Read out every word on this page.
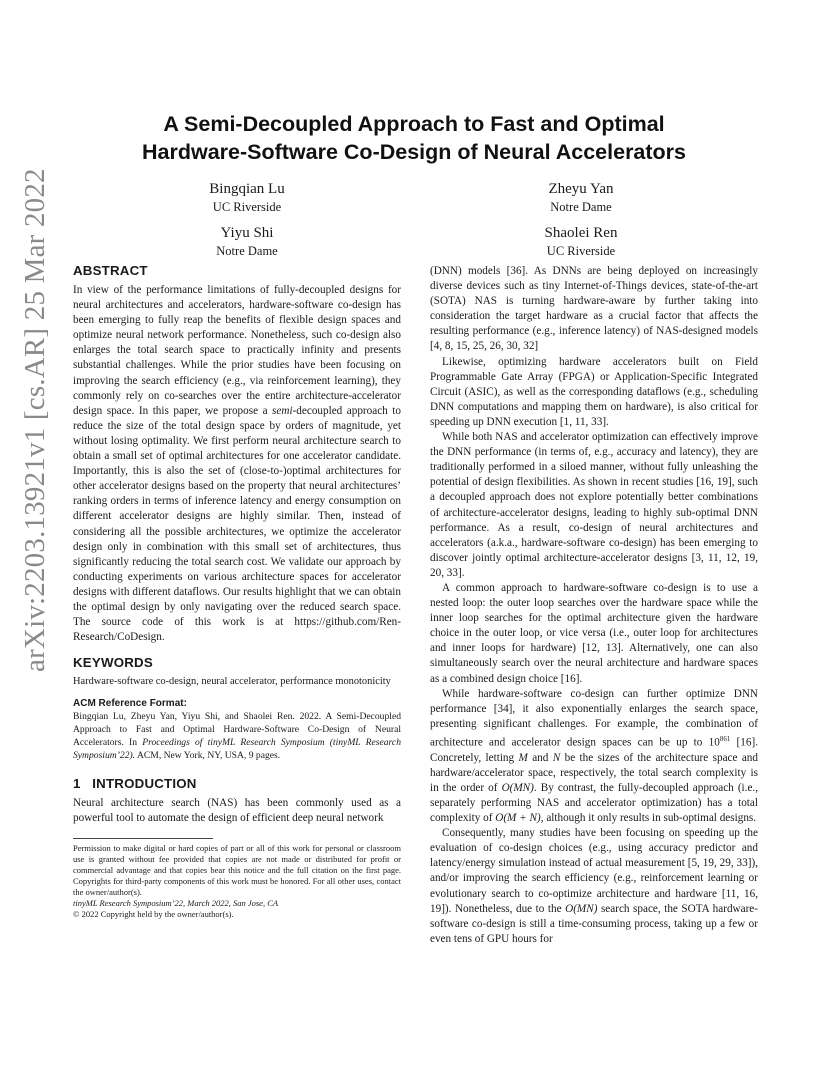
arXiv:2203.13921v1 [cs.AR] 25 Mar 2022
A Semi-Decoupled Approach to Fast and Optimal
Hardware-Software Co-Design of Neural Accelerators
Bingqian Lu
UC Riverside
Zheyu Yan
Notre Dame
Yiyu Shi
Notre Dame
Shaolei Ren
UC Riverside
ABSTRACT

In view of the performance limitations of fully-decoupled designs for neural architectures and accelerators, hardware-software co-design has been emerging to fully reap the benefits of flexible design spaces and optimize neural network performance. Nonetheless, such co-design also enlarges the total search space to practically infinity and presents substantial challenges. While the prior studies have been focusing on improving the search efficiency (e.g., via reinforcement learning), they commonly rely on co-searches over the entire architecture-accelerator design space. In this paper, we propose a semi-decoupled approach to reduce the size of the total design space by orders of magnitude, yet without losing optimality. We first perform neural architecture search to obtain a small set of optimal architectures for one accelerator candidate. Importantly, this is also the set of (close-to-)optimal architectures for other accelerator designs based on the property that neural architectures’ ranking orders in terms of inference latency and energy consumption on different accelerator designs are highly similar. Then, instead of considering all the possible architectures, we optimize the accelerator design only in combination with this small set of architectures, thus significantly reducing the total search cost. We validate our approach by conducting experiments on various architecture spaces for accelerator designs with different dataflows. Our results highlight that we can obtain the optimal design by only navigating over the reduced search space. The source code of this work is at https://github.com/Ren-Research/CoDesign.

KEYWORDS

Hardware-software co-design, neural accelerator, performance monotonicity

ACM Reference Format:

Bingqian Lu, Zheyu Yan, Yiyu Shi, and Shaolei Ren. 2022. A Semi-Decoupled Approach to Fast and Optimal Hardware-Software Co-Design of Neural Accelerators. In Proceedings of tinyML Research Symposium (tinyML Research Symposium’22). ACM, New York, NY, USA, 9 pages.

1   INTRODUCTION

Neural architecture search (NAS) has been commonly used as a powerful tool to automate the design of efficient deep neural network

Permission to make digital or hard copies of part or all of this work for personal or classroom use is granted without fee provided that copies are not made or distributed for profit or commercial advantage and that copies bear this notice and the full citation on the first page. Copyrights for third-party components of this work must be honored. For all other uses, contact the owner/author(s).
tinyML Research Symposium’22, March 2022, San Jose, CA
© 2022 Copyright held by the owner/author(s).

(DNN) models [36]. As DNNs are being deployed on increasingly diverse devices such as tiny Internet-of-Things devices, state-of-the-art (SOTA) NAS is turning hardware-aware by further taking into consideration the target hardware as a crucial factor that affects the resulting performance (e.g., inference latency) of NAS-designed models [4, 8, 15, 25, 26, 30, 32]

Likewise, optimizing hardware accelerators built on Field Programmable Gate Array (FPGA) or Application-Specific Integrated Circuit (ASIC), as well as the corresponding dataflows (e.g., scheduling DNN computations and mapping them on hardware), is also critical for speeding up DNN execution [1, 11, 33].

While both NAS and accelerator optimization can effectively improve the DNN performance (in terms of, e.g., accuracy and latency), they are traditionally performed in a siloed manner, without fully unleashing the potential of design flexibilities. As shown in recent studies [16, 19], such a decoupled approach does not explore potentially better combinations of architecture-accelerator designs, leading to highly sub-optimal DNN performance. As a result, co-design of neural architectures and accelerators (a.k.a., hardware-software co-design) has been emerging to discover jointly optimal architecture-accelerator designs [3, 11, 12, 19, 20, 33].

A common approach to hardware-software co-design is to use a nested loop: the outer loop searches over the hardware space while the inner loop searches for the optimal architecture given the hardware choice in the outer loop, or vice versa (i.e., outer loop for architectures and inner loops for hardware) [12, 13]. Alternatively, one can also simultaneously search over the neural architecture and hardware spaces as a combined design choice [16].

While hardware-software co-design can further optimize DNN performance [34], it also exponentially enlarges the search space, presenting significant challenges. For example, the combination of architecture and accelerator design spaces can be up to $10^{861}$ [16]. Concretely, letting M and N be the sizes of the architecture space and hardware/accelerator space, respectively, the total search complexity is in the order of O(MN). By contrast, the fully-decoupled approach (i.e., separately performing NAS and accelerator optimization) has a total complexity of O(M + N), although it only results in sub-optimal designs.

Consequently, many studies have been focusing on speeding up the evaluation of co-design choices (e.g., using accuracy predictor and latency/energy simulation instead of actual measurement [5, 19, 29, 33]), and/or improving the search efficiency (e.g., reinforcement learning or evolutionary search to co-optimize architecture and hardware [11, 16, 19]). Nonetheless, due to the O(MN) search space, the SOTA hardware-software co-design is still a time-consuming process, taking up a few or even tens of GPU hours for
